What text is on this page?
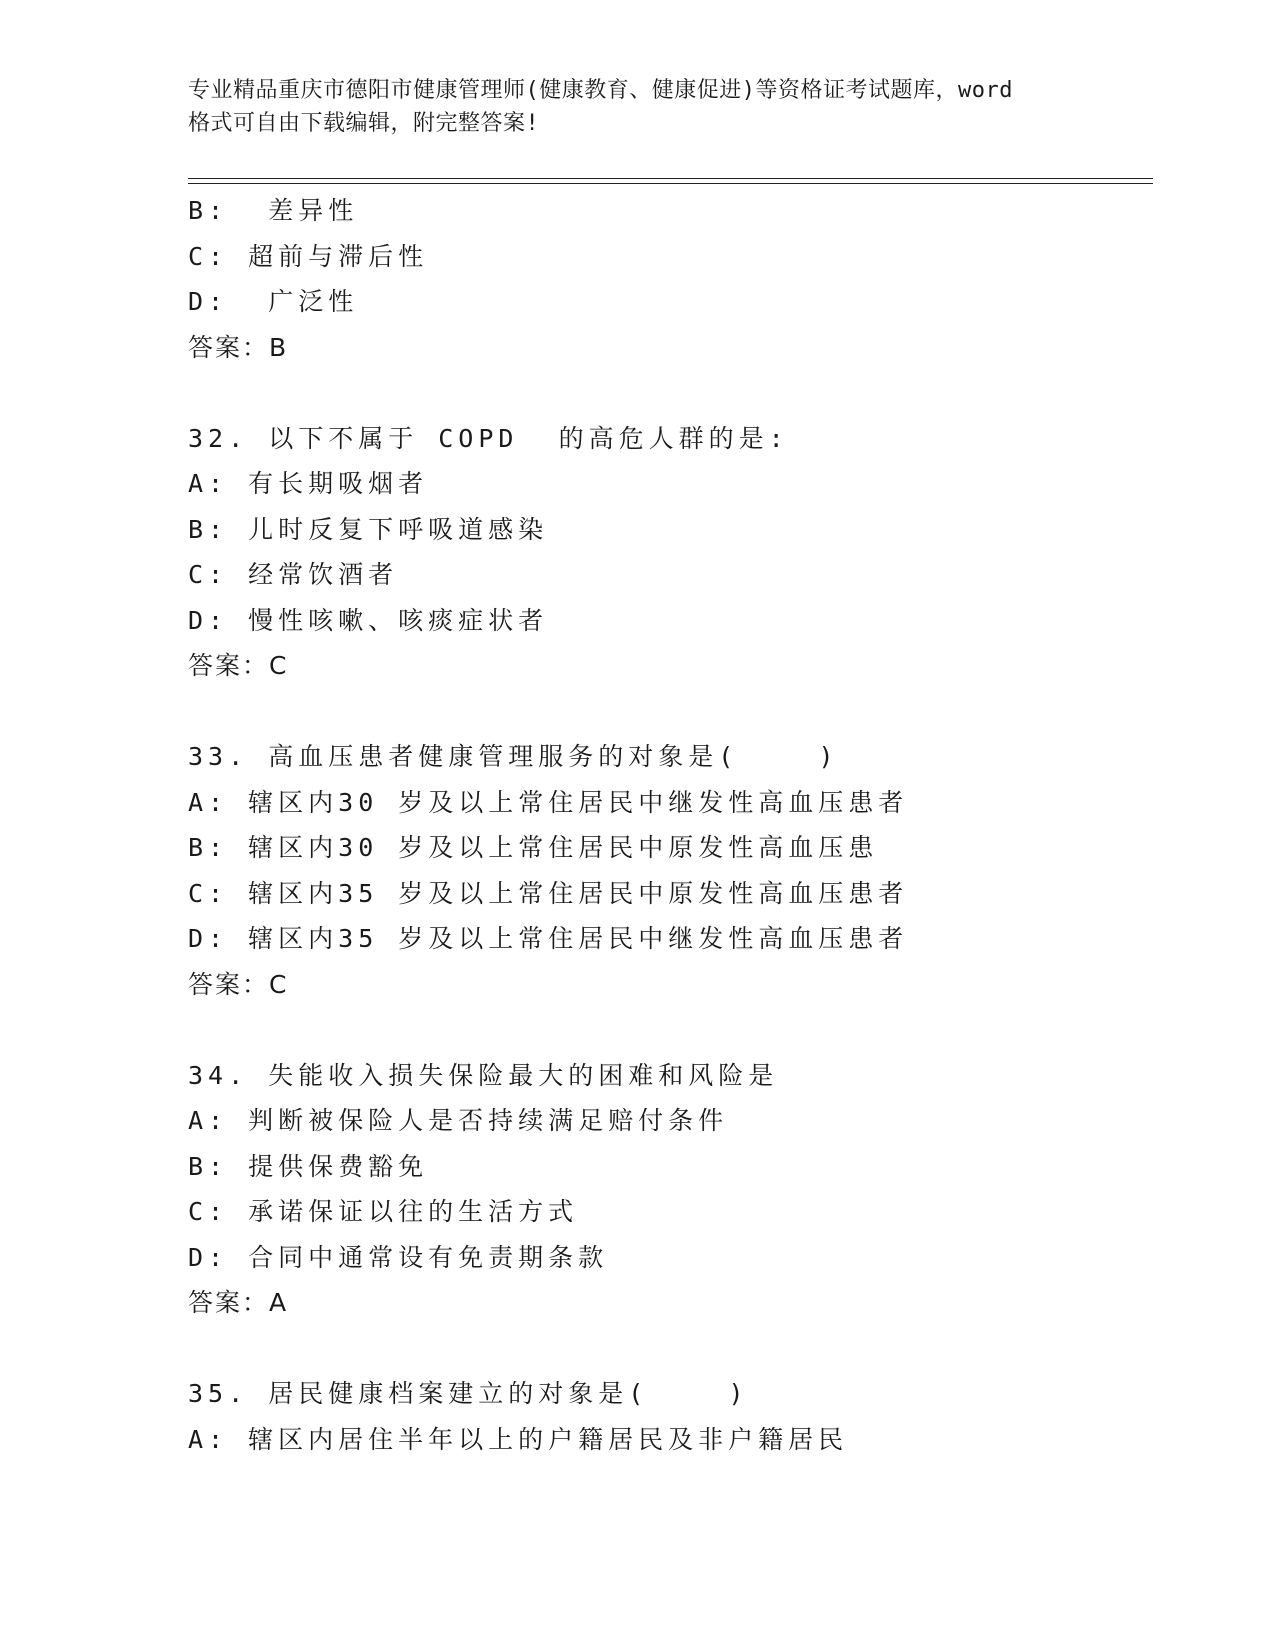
专业精品重庆市德阳市健康管理师(健康教育、健康促进)等资格证考试题库，word
格式可自由下载编辑，附完整答案!
B:  差异性
C: 超前与滞后性
D:  广泛性
答案：B
32. 以下不属于 COPD  的高危人群的是:
A: 有长期吸烟者
B: 儿时反复下呼吸道感染
C: 经常饮酒者
D: 慢性咳嗽、咳痰症状者
答案：C
33. 高血压患者健康管理服务的对象是(    )
A: 辖区内30 岁及以上常住居民中继发性高血压患者
B: 辖区内30 岁及以上常住居民中原发性高血压患
C: 辖区内35 岁及以上常住居民中原发性高血压患者
D: 辖区内35 岁及以上常住居民中继发性高血压患者
答案：C
34. 失能收入损失保险最大的困难和风险是
A: 判断被保险人是否持续满足赔付条件
B: 提供保费豁免
C: 承诺保证以往的生活方式
D: 合同中通常设有免责期条款
答案：A
35. 居民健康档案建立的对象是(    )
A: 辖区内居住半年以上的户籍居民及非户籍居民
